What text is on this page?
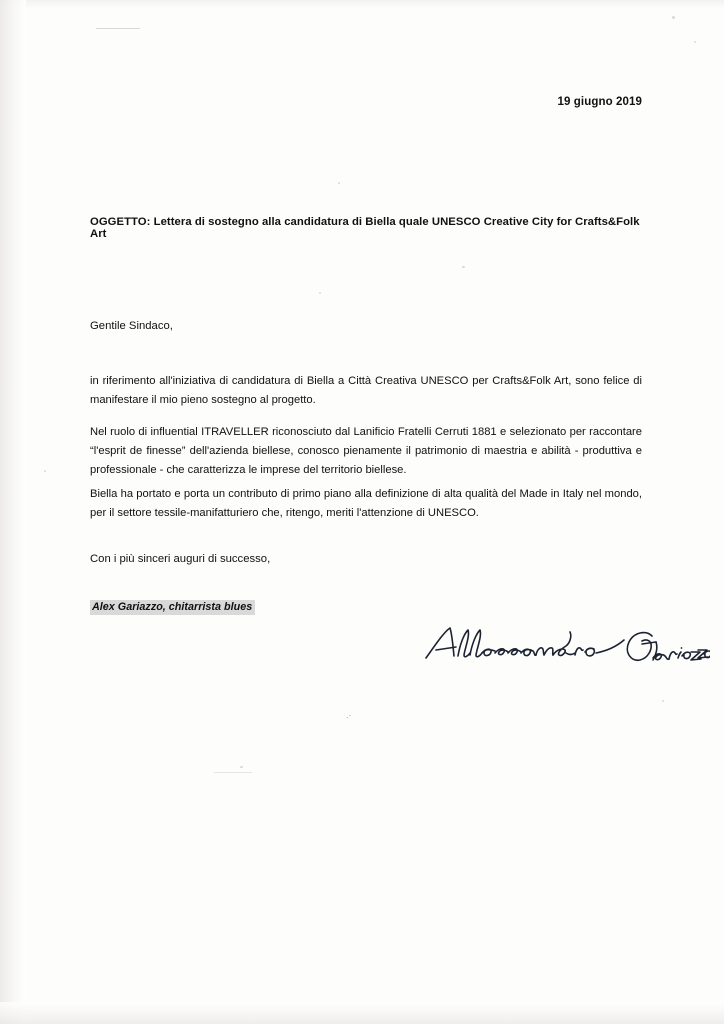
.·
19 giugno 2019
OGGETTO: Lettera di sostegno alla candidatura di Biella quale UNESCO Creative City for Crafts&Folk Art
Gentile Sindaco,
in riferimento all'iniziativa di candidatura di Biella a Città Creativa UNESCO per Crafts&Folk Art, sono felice di manifestare il mio pieno sostegno al progetto.
Nel ruolo di influential ITRAVELLER riconosciuto dal Lanificio Fratelli Cerruti 1881 e selezionato per raccontare “l'esprit de finesse” dell'azienda biellese, conosco pienamente il patrimonio di maestria e abilità - produttiva e professionale - che caratterizza le imprese del territorio biellese.
Biella ha portato e porta un contributo di primo piano alla definizione di alta qualità del Made in Italy nel mondo, per il settore tessile-manifatturiero che, ritengo, meriti l'attenzione di UNESCO.
Con i più sinceri auguri di successo,
Alex Gariazzo, chitarrista blues
